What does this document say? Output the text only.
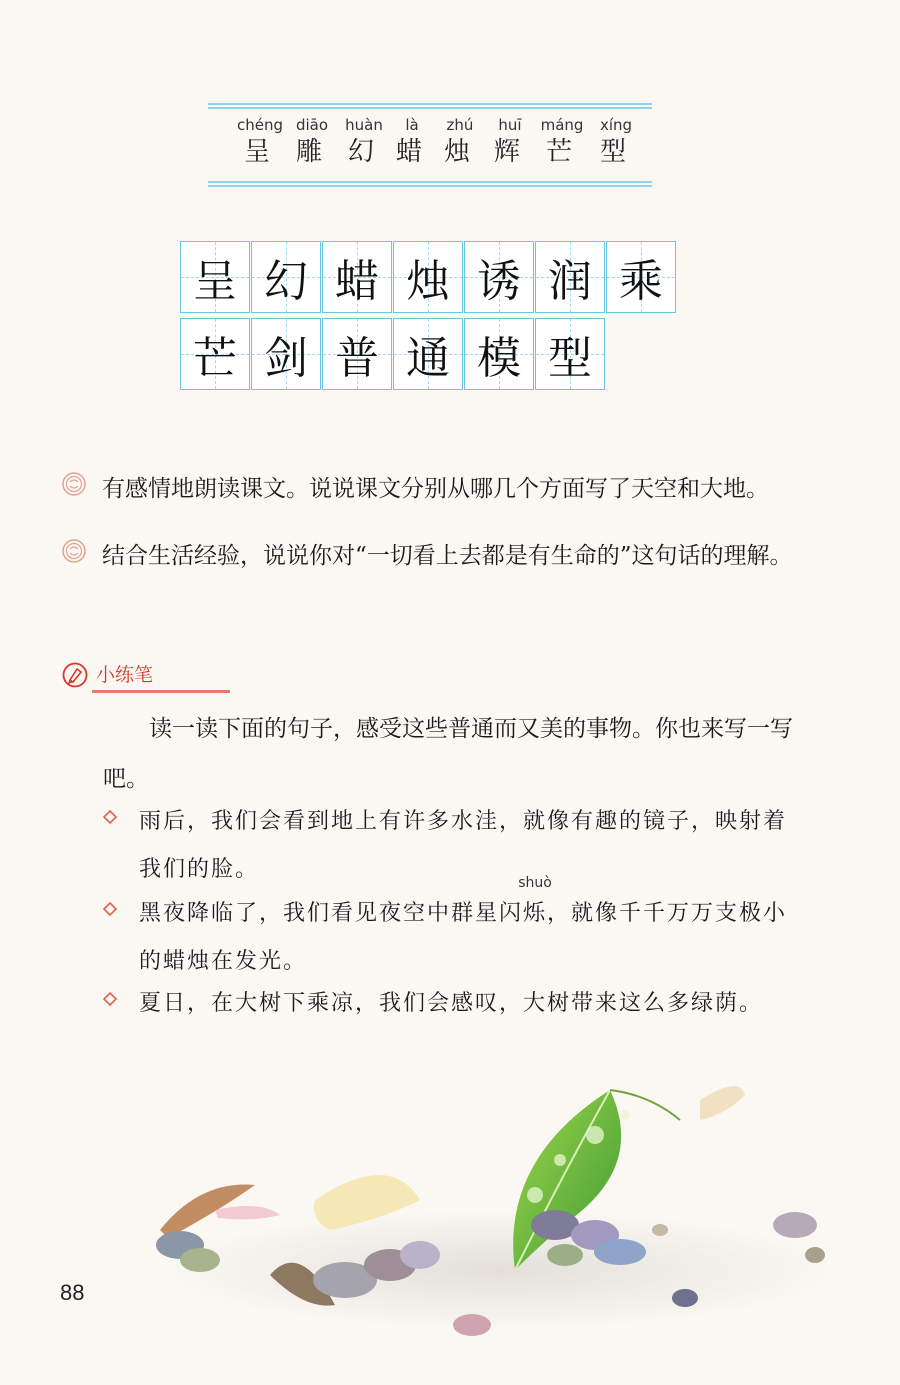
chéng
呈
diāo
雕
huàn
幻
là
蜡
zhú
烛
huī
辉
máng
芒
xíng
型
呈 幻 蜡 烛 诱 润 乘
芒 剑 普 通 模 型
有感情地朗读课文。说说课文分别从哪几个方面写了天空和大地。
结合生活经验，说说你对“一切看上去都是有生命的”这句话的理解。
小练笔
读一读下面的句子，感受这些普通而又美的事物。你也来写一写吧。
雨后，我们会看到地上有许多水洼，就像有趣的镜子，映射着我们的脸。
黑夜降临了，我们看见夜空中群星闪
shuò
烁，就像千千万万支极小的蜡烛在发光。
夏日，在大树下乘凉，我们会感叹，大树带来这么多绿荫。
88
